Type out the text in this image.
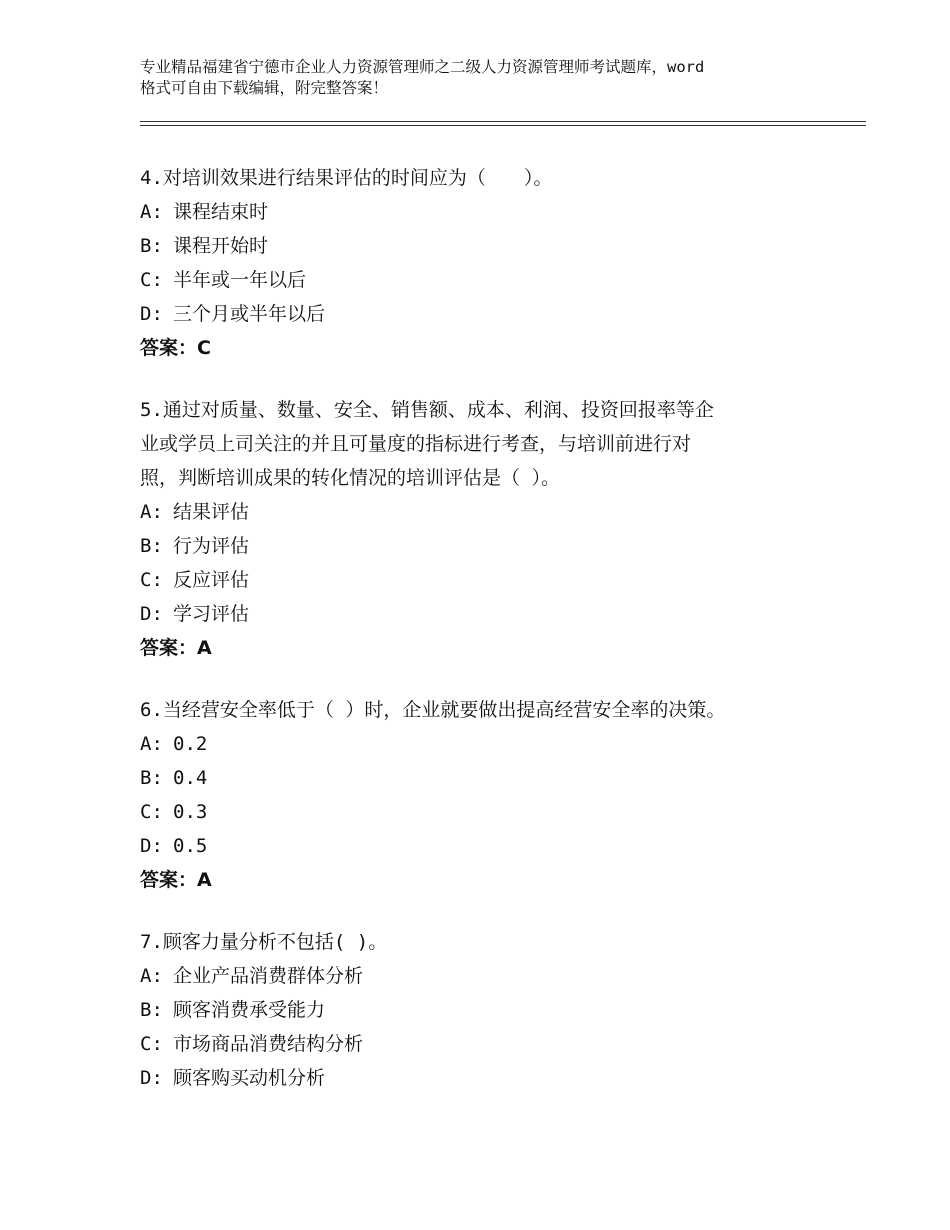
专业精品福建省宁德市企业人力资源管理师之二级人力资源管理师考试题库，word
格式可自由下载编辑，附完整答案！
4.对培训效果进行结果评估的时间应为（　　）。
A: 课程结束时
B: 课程开始时
C: 半年或一年以后
D: 三个月或半年以后
答案：C
5.通过对质量、数量、安全、销售额、成本、利润、投资回报率等企
业或学员上司关注的并且可量度的指标进行考查，与培训前进行对
照，判断培训成果的转化情况的培训评估是（ ）。
A: 结果评估
B: 行为评估
C: 反应评估
D: 学习评估
答案：A
6.当经营安全率低于（ ）时，企业就要做出提高经营安全率的决策。
A: 0.2
B: 0.4
C: 0.3
D: 0.5
答案：A
7.顾客力量分析不包括( )。
A: 企业产品消费群体分析
B: 顾客消费承受能力
C: 市场商品消费结构分析
D: 顾客购买动机分析
